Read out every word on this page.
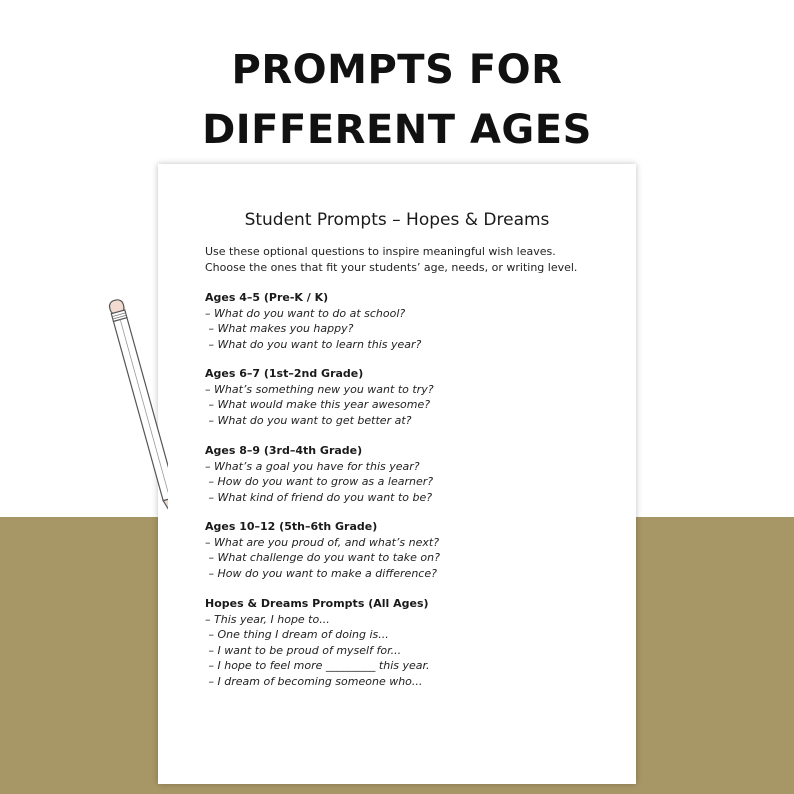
PROMPTS FOR
DIFFERENT AGES
Student Prompts – Hopes & Dreams
Use these optional questions to inspire meaningful wish leaves. Choose the ones that fit your students’ age, needs, or writing level.
Ages 4–5 (Pre-K / K)
– What do you want to do at school?
– What makes you happy?
– What do you want to learn this year?
Ages 6–7 (1st–2nd Grade)
– What’s something new you want to try?
– What would make this year awesome?
– What do you want to get better at?
Ages 8–9 (3rd–4th Grade)
– What’s a goal you have for this year?
– How do you want to grow as a learner?
– What kind of friend do you want to be?
Ages 10–12 (5th–6th Grade)
– What are you proud of, and what’s next?
– What challenge do you want to take on?
– How do you want to make a difference?
Hopes & Dreams Prompts (All Ages)
– This year, I hope to...
– One thing I dream of doing is...
– I want to be proud of myself for...
– I hope to feel more _________ this year.
– I dream of becoming someone who...
